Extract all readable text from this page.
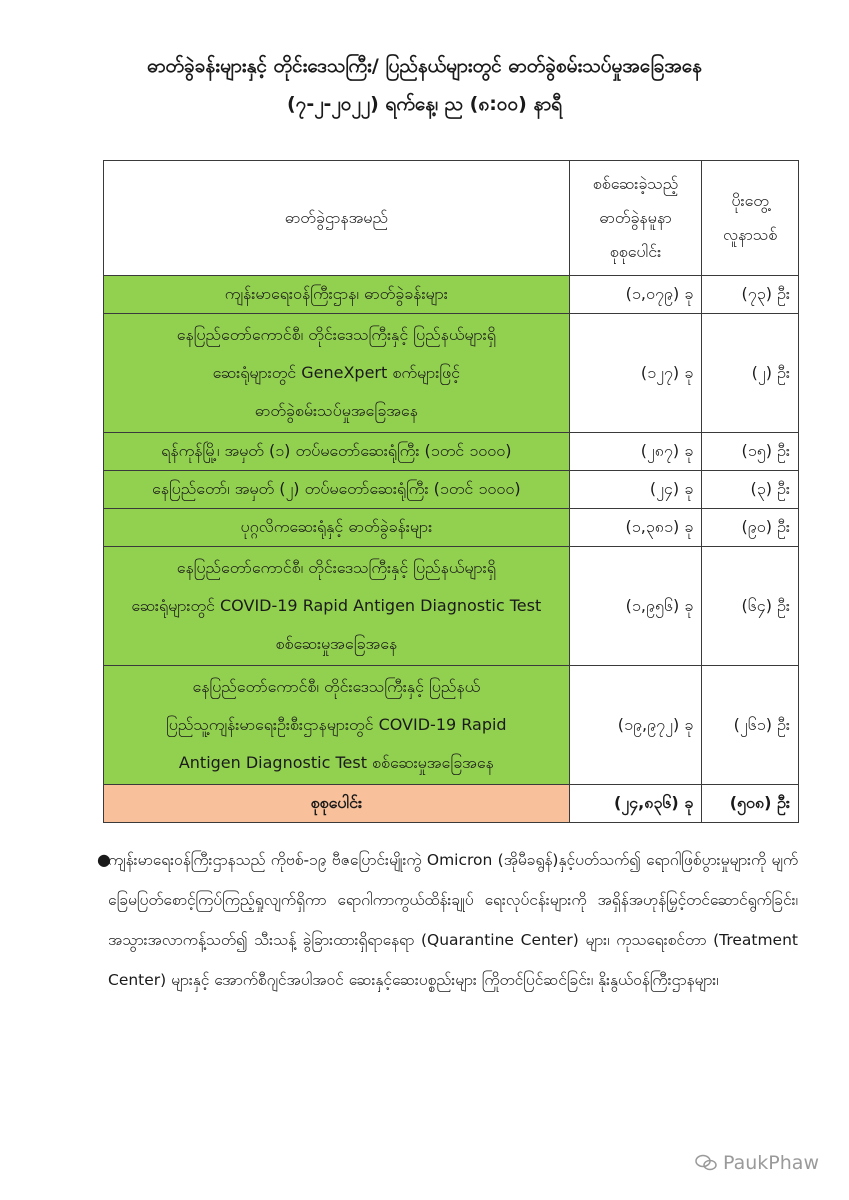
ဓာတ်ခွဲခန်းများနှင့် တိုင်းဒေသကြီး/ ပြည်နယ်များတွင် ဓာတ်ခွဲစမ်းသပ်မှုအခြေအနေ
(၇-၂-၂၀၂၂) ရက်နေ့၊ ည (၈:၀၀) နာရီ
ဓာတ်ခွဲဌာနအမည်	စစ်ဆေးခဲ့သည့်
ဓာတ်ခွဲနမူနာ
စုစုပေါင်း	ပိုးတွေ့
လူနာသစ်
ကျန်းမာရေးဝန်ကြီးဌာန၊ ဓာတ်ခွဲခန်းများ	(၁,၀၇၉) ခု	(၇၃) ဦး
နေပြည်တော်ကောင်စီ၊ တိုင်းဒေသကြီးနှင့် ပြည်နယ်များရှိ
ဆေးရုံများတွင် GeneXpert စက်များဖြင့်
ဓာတ်ခွဲစမ်းသပ်မှုအခြေအနေ	(၁၂၇) ခု	(၂) ဦး
ရန်ကုန်မြို့၊ အမှတ် (၁) တပ်မတော်ဆေးရုံကြီး (၁တင် ၁၀၀၀)	(၂၈၇) ခု	(၁၅) ဦး
နေပြည်တော်၊ အမှတ် (၂) တပ်မတော်ဆေးရုံကြီး (၁တင် ၁၀၀၀)	(၂၄) ခု	(၃) ဦး
ပုဂ္ဂလိကဆေးရုံနှင့် ဓာတ်ခွဲခန်းများ	(၁,၃၈၁) ခု	(၉၀) ဦး
နေပြည်တော်ကောင်စီ၊ တိုင်းဒေသကြီးနှင့် ပြည်နယ်များရှိ
ဆေးရုံများတွင် COVID-19 Rapid Antigen Diagnostic Test
စစ်ဆေးမှုအခြေအနေ	(၁,၉၅၆) ခု	(၆၄) ဦး
နေပြည်တော်ကောင်စီ၊ တိုင်းဒေသကြီးနှင့် ပြည်နယ်
ပြည်သူ့ကျန်းမာရေးဦးစီးဌာနများတွင် COVID-19 Rapid
Antigen Diagnostic Test စစ်ဆေးမှုအခြေအနေ	(၁၉,၉၇၂) ခု	(၂၆၁) ဦး
စုစုပေါင်း	(၂၄,၈၃၆) ခု	(၅၀၈) ဦး
●
ကျန်းမာရေးဝန်ကြီးဌာနသည် ကိုဗစ်-၁၉ ဗီဇပြောင်းမျိုးကွဲ Omicron (အိုမီခရွန်)နှင့်ပတ်သက်၍ ရောဂါဖြစ်ပွားမှုများကို မျက်ခြေမပြတ်စောင့်ကြပ်ကြည့်ရှုလျက်ရှိကာ ရောဂါကာကွယ်ထိန်းချုပ် ရေးလုပ်ငန်းများကို အရှိန်အဟုန်မြှင့်တင်ဆောင်ရွက်ခြင်း၊ အသွားအလာကန့်သတ်၍ သီးသန့် ခွဲခြားထားရှိရာနေရာ (Quarantine Center) များ၊ ကုသရေးစင်တာ (Treatment Center) များနှင့် အောက်စီဂျင်အပါအဝင် ဆေးနှင့်ဆေးပစ္စည်းများ ကြိုတင်ပြင်ဆင်ခြင်း၊ နိုးနွယ်ဝန်ကြီးဌာနများ၊
PaukPhaw
